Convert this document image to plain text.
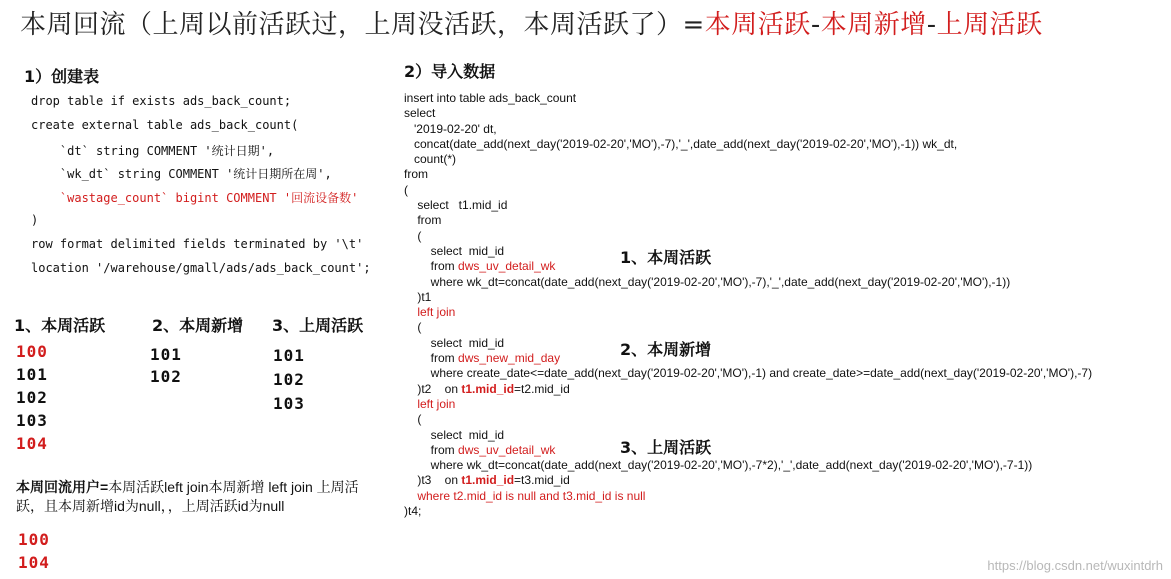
本周回流（上周以前活跃过，上周没活跃，本周活跃了）=本周活跃-本周新增-上周活跃
1）创建表
drop table if exists ads_back_count;
create external table ads_back_count(
`dt` string COMMENT '统计日期',
`wk_dt` string COMMENT '统计日期所在周',
`wastage_count` bigint COMMENT '回流设备数'
)
row format delimited fields terminated by '\t'
location '/warehouse/gmall/ads/ads_back_count';
1、本周活跃	2、本周新增 3、上周活跃
100
101
102
103
104
101
102
101
102
103
本周回流用户=本周活跃left join本周新增 left join 上周活跃，且本周新增id为null，，上周活跃id为null
100
104
2）导入数据
insert into table ads_back_count
select
'2019-02-20' dt,
concat(date_add(next_day('2019-02-20','MO'),-7),'_',date_add(next_day('2019-02-20','MO'),-1)) wk_dt,
count(*)
from
(
select   t1.mid_id
from
(
select  mid_id
from dws_uv_detail_wk
where wk_dt=concat(date_add(next_day('2019-02-20','MO'),-7),'_',date_add(next_day('2019-02-20','MO'),-1))
)t1
left join
(
select  mid_id
from dws_new_mid_day
where create_date<=date_add(next_day('2019-02-20','MO'),-1) and create_date>=date_add(next_day('2019-02-20','MO'),-7)
)t2    on t1.mid_id=t2.mid_id
left join
(
select  mid_id
from dws_uv_detail_wk
where wk_dt=concat(date_add(next_day('2019-02-20','MO'),-7*2),'_',date_add(next_day('2019-02-20','MO'),-7-1))
)t3    on t1.mid_id=t3.mid_id
where t2.mid_id is null and t3.mid_id is null
)t4;
1、本周活跃
2、本周新增
3、上周活跃
https://blog.csdn.net/wuxintdrh
